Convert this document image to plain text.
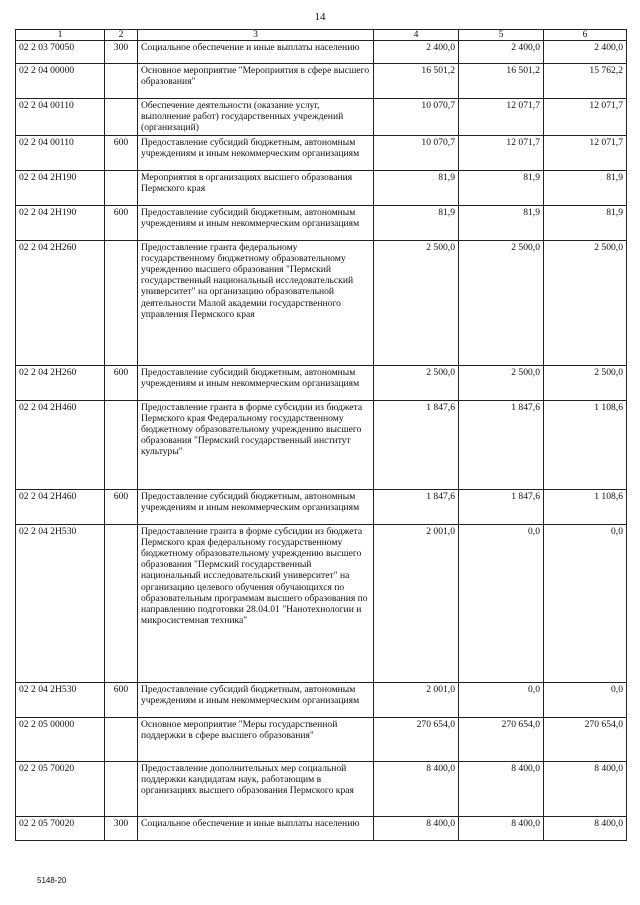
14
1	2	3	4	5	6
02 2 03 70050	300	Социальное обеспечение и иные выплаты населению	2 400,0	2 400,0	2 400,0
02 2 04 00000		Основное мероприятие "Мероприятия в сфере высшего образования"	16 501,2	16 501,2	15 762,2
02 2 04 00110		Обеспечение деятельности (оказание услуг, выполнение работ) государственных учреждений (организаций)	10 070,7	12 071,7	12 071,7
02 2 04 00110	600	Предоставление субсидий бюджетным, автономным учреждениям и иным некоммерческим организациям	10 070,7	12 071,7	12 071,7
02 2 04 2Н190		Мероприятия в организациях высшего образования Пермского края	81,9	81,9	81,9
02 2 04 2Н190	600	Предоставление субсидий бюджетным, автономным учреждениям и иным некоммерческим организациям	81,9	81,9	81,9
02 2 04 2Н260		Предоставление гранта федеральному государственному бюджетному образовательному учреждению высшего образования "Пермский государственный национальный исследовательский университет" на организацию образовательной деятельности Малой академии государственного управления Пермского края	2 500,0	2 500,0	2 500,0
02 2 04 2Н260	600	Предоставление субсидий бюджетным, автономным учреждениям и иным некоммерческим организациям	2 500,0	2 500,0	2 500,0
02 2 04 2Н460		Предоставление гранта в форме субсидии из бюджета Пермского края Федеральному государственному бюджетному образовательному учреждению высшего образования "Пермский государственный институт культуры"	1 847,6	1 847,6	1 108,6
02 2 04 2Н460	600	Предоставление субсидий бюджетным, автономным учреждениям и иным некоммерческим организациям	1 847,6	1 847,6	1 108,6
02 2 04 2Н530		Предоставление гранта в форме субсидии из бюджета Пермского края федеральному государственному бюджетному образовательному учреждению высшего образования "Пермский государственный национальный исследовательский университет" на организацию целевого обучения обучающихся по образовательным программам высшего образования по направлению подготовки 28.04.01 "Нанотехнологии и микросистемная техника"	2 001,0	0,0	0,0
02 2 04 2Н530	600	Предоставление субсидий бюджетным, автономным учреждениям и иным некоммерческим организациям	2 001,0	0,0	0,0
02 2 05 00000		Основное мероприятие "Меры государственной поддержки в сфере высшего образования"	270 654,0	270 654,0	270 654,0
02 2 05 70020		Предоставление дополнительных мер социальной поддержки кандидатам наук, работающим в организациях высшего образования Пермского края	8 400,0	8 400,0	8 400,0
02 2 05 70020	300	Социальное обеспечение и иные выплаты населению	8 400,0	8 400,0	8 400,0
5148-20
